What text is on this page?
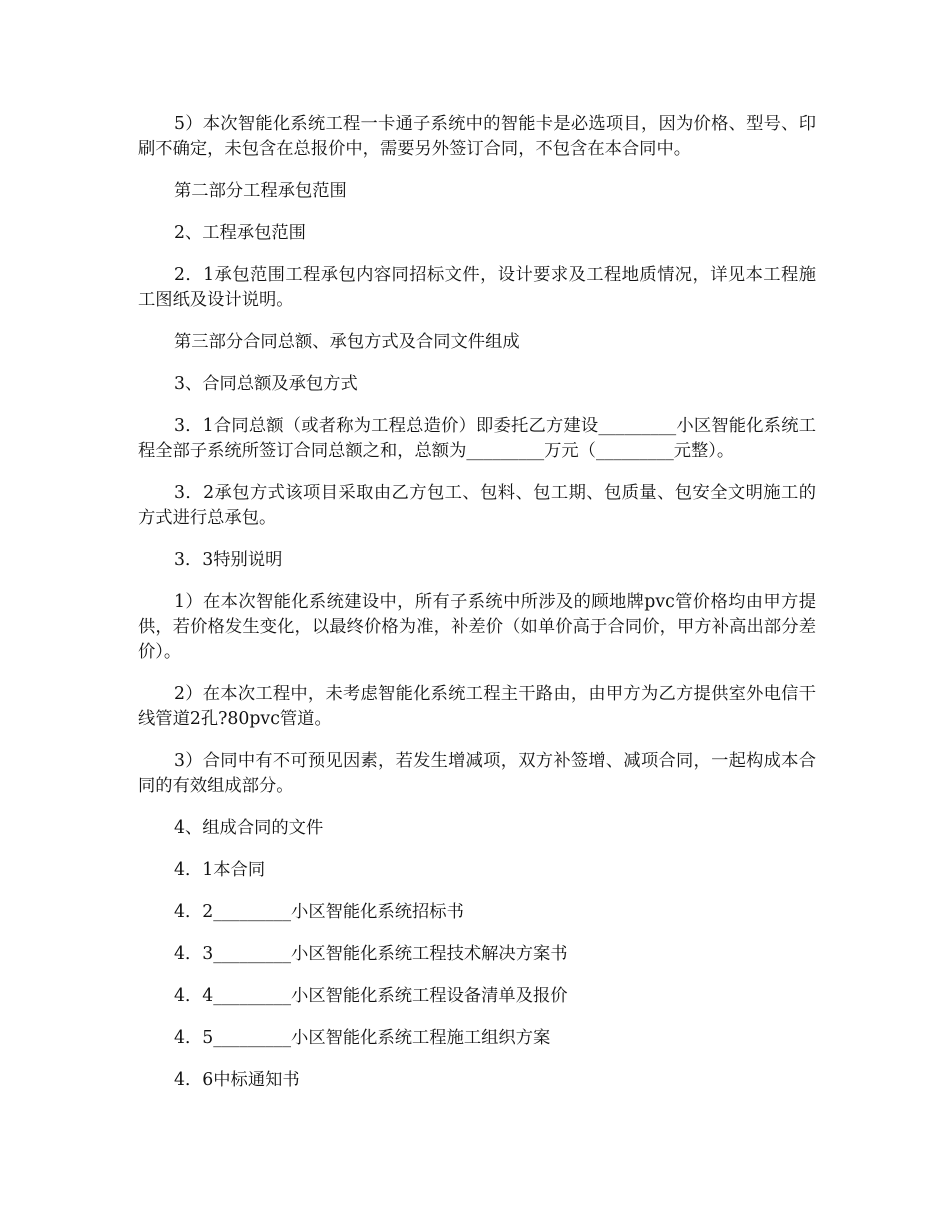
5）本次智能化系统工程一卡通子系统中的智能卡是必选项目，因为价格、型号、印刷不确定，未包含在总报价中，需要另外签订合同，不包含在本合同中。

第二部分工程承包范围

2、工程承包范围

2．1承包范围工程承包内容同招标文件，设计要求及工程地质情况，详见本工程施工图纸及设计说明。

第三部分合同总额、承包方式及合同文件组成

3、合同总额及承包方式

3．1合同总额（或者称为工程总造价）即委托乙方建设_________小区智能化系统工程全部子系统所签订合同总额之和，总额为_________万元（_________元整）。

3．2承包方式该项目采取由乙方包工、包料、包工期、包质量、包安全文明施工的方式进行总承包。

3．3特别说明

1）在本次智能化系统建设中，所有子系统中所涉及的顾地牌pvc管价格均由甲方提供，若价格发生变化，以最终价格为准，补差价（如单价高于合同价，甲方补高出部分差价）。

2）在本次工程中，未考虑智能化系统工程主干路由，由甲方为乙方提供室外电信干线管道2孔?80pvc管道。

3）合同中有不可预见因素，若发生增减项，双方补签增、减项合同，一起构成本合同的有效组成部分。

4、组成合同的文件

4．1本合同

4．2_________小区智能化系统招标书

4．3_________小区智能化系统工程技术解决方案书

4．4_________小区智能化系统工程设备清单及报价

4．5_________小区智能化系统工程施工组织方案

4．6中标通知书
